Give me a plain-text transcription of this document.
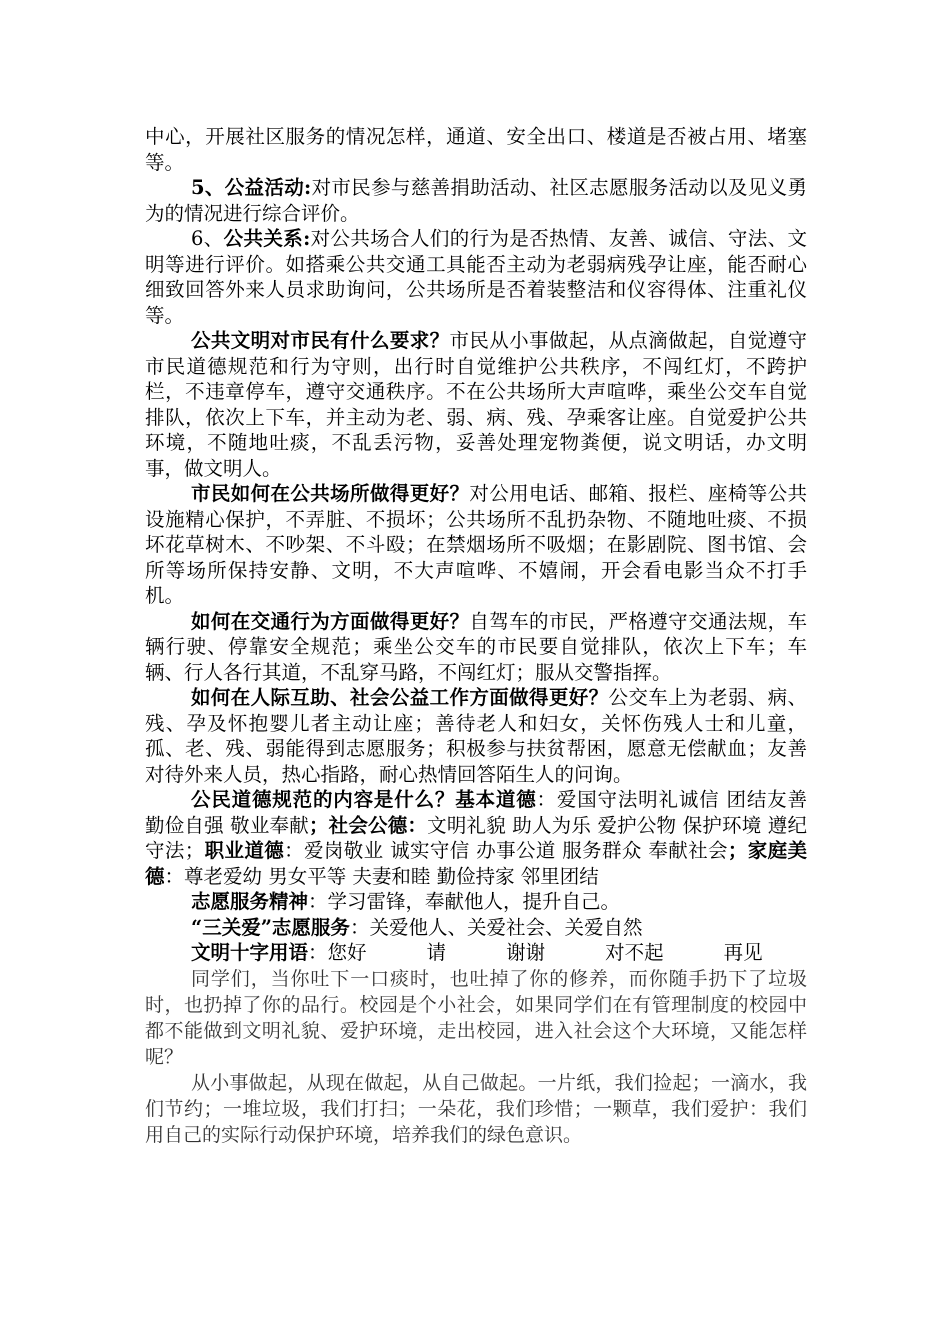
中心，开展社区服务的情况怎样，通道、安全出口、楼道是否被占用、堵塞等。

5、公益活动:对市民参与慈善捐助活动、社区志愿服务活动以及见义勇为的情况进行综合评价。

6、公共关系:对公共场合人们的行为是否热情、友善、诚信、守法、文明等进行评价。如搭乘公共交通工具能否主动为老弱病残孕让座，能否耐心细致回答外来人员求助询问，公共场所是否着装整洁和仪容得体、注重礼仪等。

公共文明对市民有什么要求？市民从小事做起，从点滴做起，自觉遵守市民道德规范和行为守则，出行时自觉维护公共秩序，不闯红灯，不跨护栏，不违章停车，遵守交通秩序。不在公共场所大声喧哗，乘坐公交车自觉排队，依次上下车，并主动为老、弱、病、残、孕乘客让座。自觉爱护公共环境，不随地吐痰，不乱丢污物，妥善处理宠物粪便，说文明话，办文明事，做文明人。

市民如何在公共场所做得更好？对公用电话、邮箱、报栏、座椅等公共设施精心保护，不弄脏、不损坏；公共场所不乱扔杂物、不随地吐痰、不损坏花草树木、不吵架、不斗殴；在禁烟场所不吸烟；在影剧院、图书馆、会所等场所保持安静、文明，不大声喧哗、不嬉闹，开会看电影当众不打手机。

如何在交通行为方面做得更好？自驾车的市民，严格遵守交通法规，车辆行驶、停靠安全规范；乘坐公交车的市民要自觉排队，依次上下车；车辆、行人各行其道，不乱穿马路，不闯红灯；服从交警指挥。

如何在人际互助、社会公益工作方面做得更好？公交车上为老弱、病、残、孕及怀抱婴儿者主动让座；善待老人和妇女，关怀伤残人士和儿童，孤、老、残、弱能得到志愿服务；积极参与扶贫帮困，愿意无偿献血；友善对待外来人员，热心指路，耐心热情回答陌生人的问询。

公民道德规范的内容是什么？基本道德：爱国守法明礼诚信 团结友善 勤俭自强 敬业奉献；社会公德：文明礼貌 助人为乐 爱护公物 保护环境 遵纪守法；职业道德：爱岗敬业 诚实守信 办事公道 服务群众 奉献社会；家庭美德：尊老爱幼 男女平等 夫妻和睦 勤俭持家 邻里团结

志愿服务精神：学习雷锋，奉献他人，提升自己。

“三关爱”志愿服务：关爱他人、关爱社会、关爱自然

文明十字用语：您好	请	谢谢	对不起	再见

同学们，当你吐下一口痰时，也吐掉了你的修养，而你随手扔下了垃圾时，也扔掉了你的品行。校园是个小社会，如果同学们在有管理制度的校园中都不能做到文明礼貌、爱护环境，走出校园，进入社会这个大环境，又能怎样呢？

从小事做起，从现在做起，从自己做起。一片纸，我们捡起；一滴水，我们节约；一堆垃圾，我们打扫；一朵花，我们珍惜；一颗草，我们爱护：我们用自己的实际行动保护环境，培养我们的绿色意识。
